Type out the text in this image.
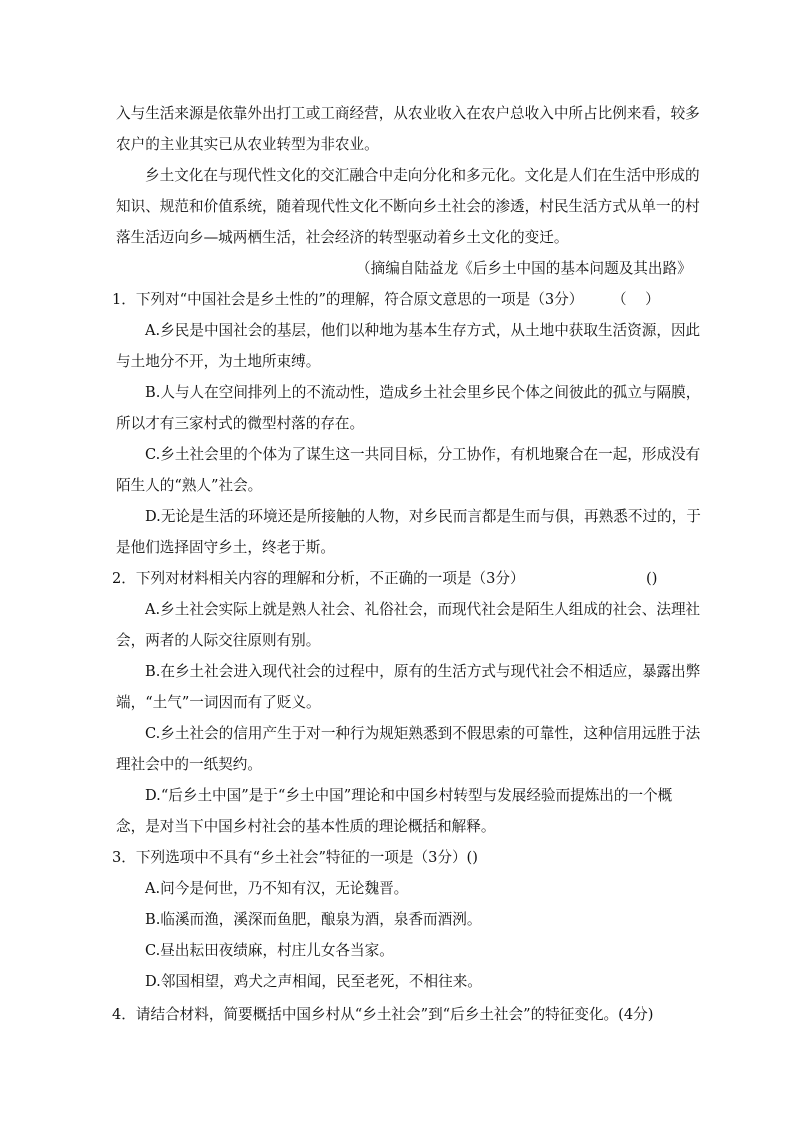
入与生活来源是依靠外出打工或工商经营，从农业收入在农户总收入中所占比例来看，较多
农户的主业其实已从农业转型为非农业。
乡土文化在与现代性文化的交汇融合中走向分化和多元化。文化是人们在生活中形成的
知识、规范和价值系统，随着现代性文化不断向乡土社会的渗透，村民生活方式从单一的村
落生活迈向乡—城两栖生活，社会经济的转型驱动着乡土文化的变迁。
（摘编自陆益龙《后乡土中国的基本问题及其出路》
1．下列对“中国社会是乡土性的”的理解，符合原文意思的一项是（3分） （    ）
A.乡民是中国社会的基层，他们以种地为基本生存方式，从土地中获取生活资源，因此
与土地分不开，为土地所束缚。
B.人与人在空间排列上的不流动性，造成乡土社会里乡民个体之间彼此的孤立与隔膜，
所以才有三家村式的微型村落的存在。
C.乡土社会里的个体为了谋生这一共同目标，分工协作，有机地聚合在一起，形成没有
陌生人的“熟人”社会。
D.无论是生活的环境还是所接触的人物，对乡民而言都是生而与俱，再熟悉不过的，于
是他们选择固守乡土，终老于斯。
2．下列对材料相关内容的理解和分析，不正确的一项是（3分）	()
A.乡土社会实际上就是熟人社会、礼俗社会，而现代社会是陌生人组成的社会、法理社
会，两者的人际交往原则有别。
B.在乡土社会进入现代社会的过程中，原有的生活方式与现代社会不相适应，暴露出弊
端，“土气”一词因而有了贬义。
C.乡土社会的信用产生于对一种行为规矩熟悉到不假思索的可靠性，这种信用远胜于法
理社会中的一纸契约。
D.“后乡土中国”是于“乡土中国”理论和中国乡村转型与发展经验而提炼出的一个概
念，是对当下中国乡村社会的基本性质的理论概括和解释。
3．下列选项中不具有“乡土社会”特征的一项是（3分）()
A.问今是何世，乃不知有汉，无论魏晋。
B.临溪而渔，溪深而鱼肥，酿泉为酒，泉香而酒洌。
C.昼出耘田夜绩麻，村庄儿女各当家。
D.邻国相望，鸡犬之声相闻，民至老死，不相往来。
4．请结合材料，简要概括中国乡村从“乡土社会”到“后乡土社会”的特征变化。(4分)
